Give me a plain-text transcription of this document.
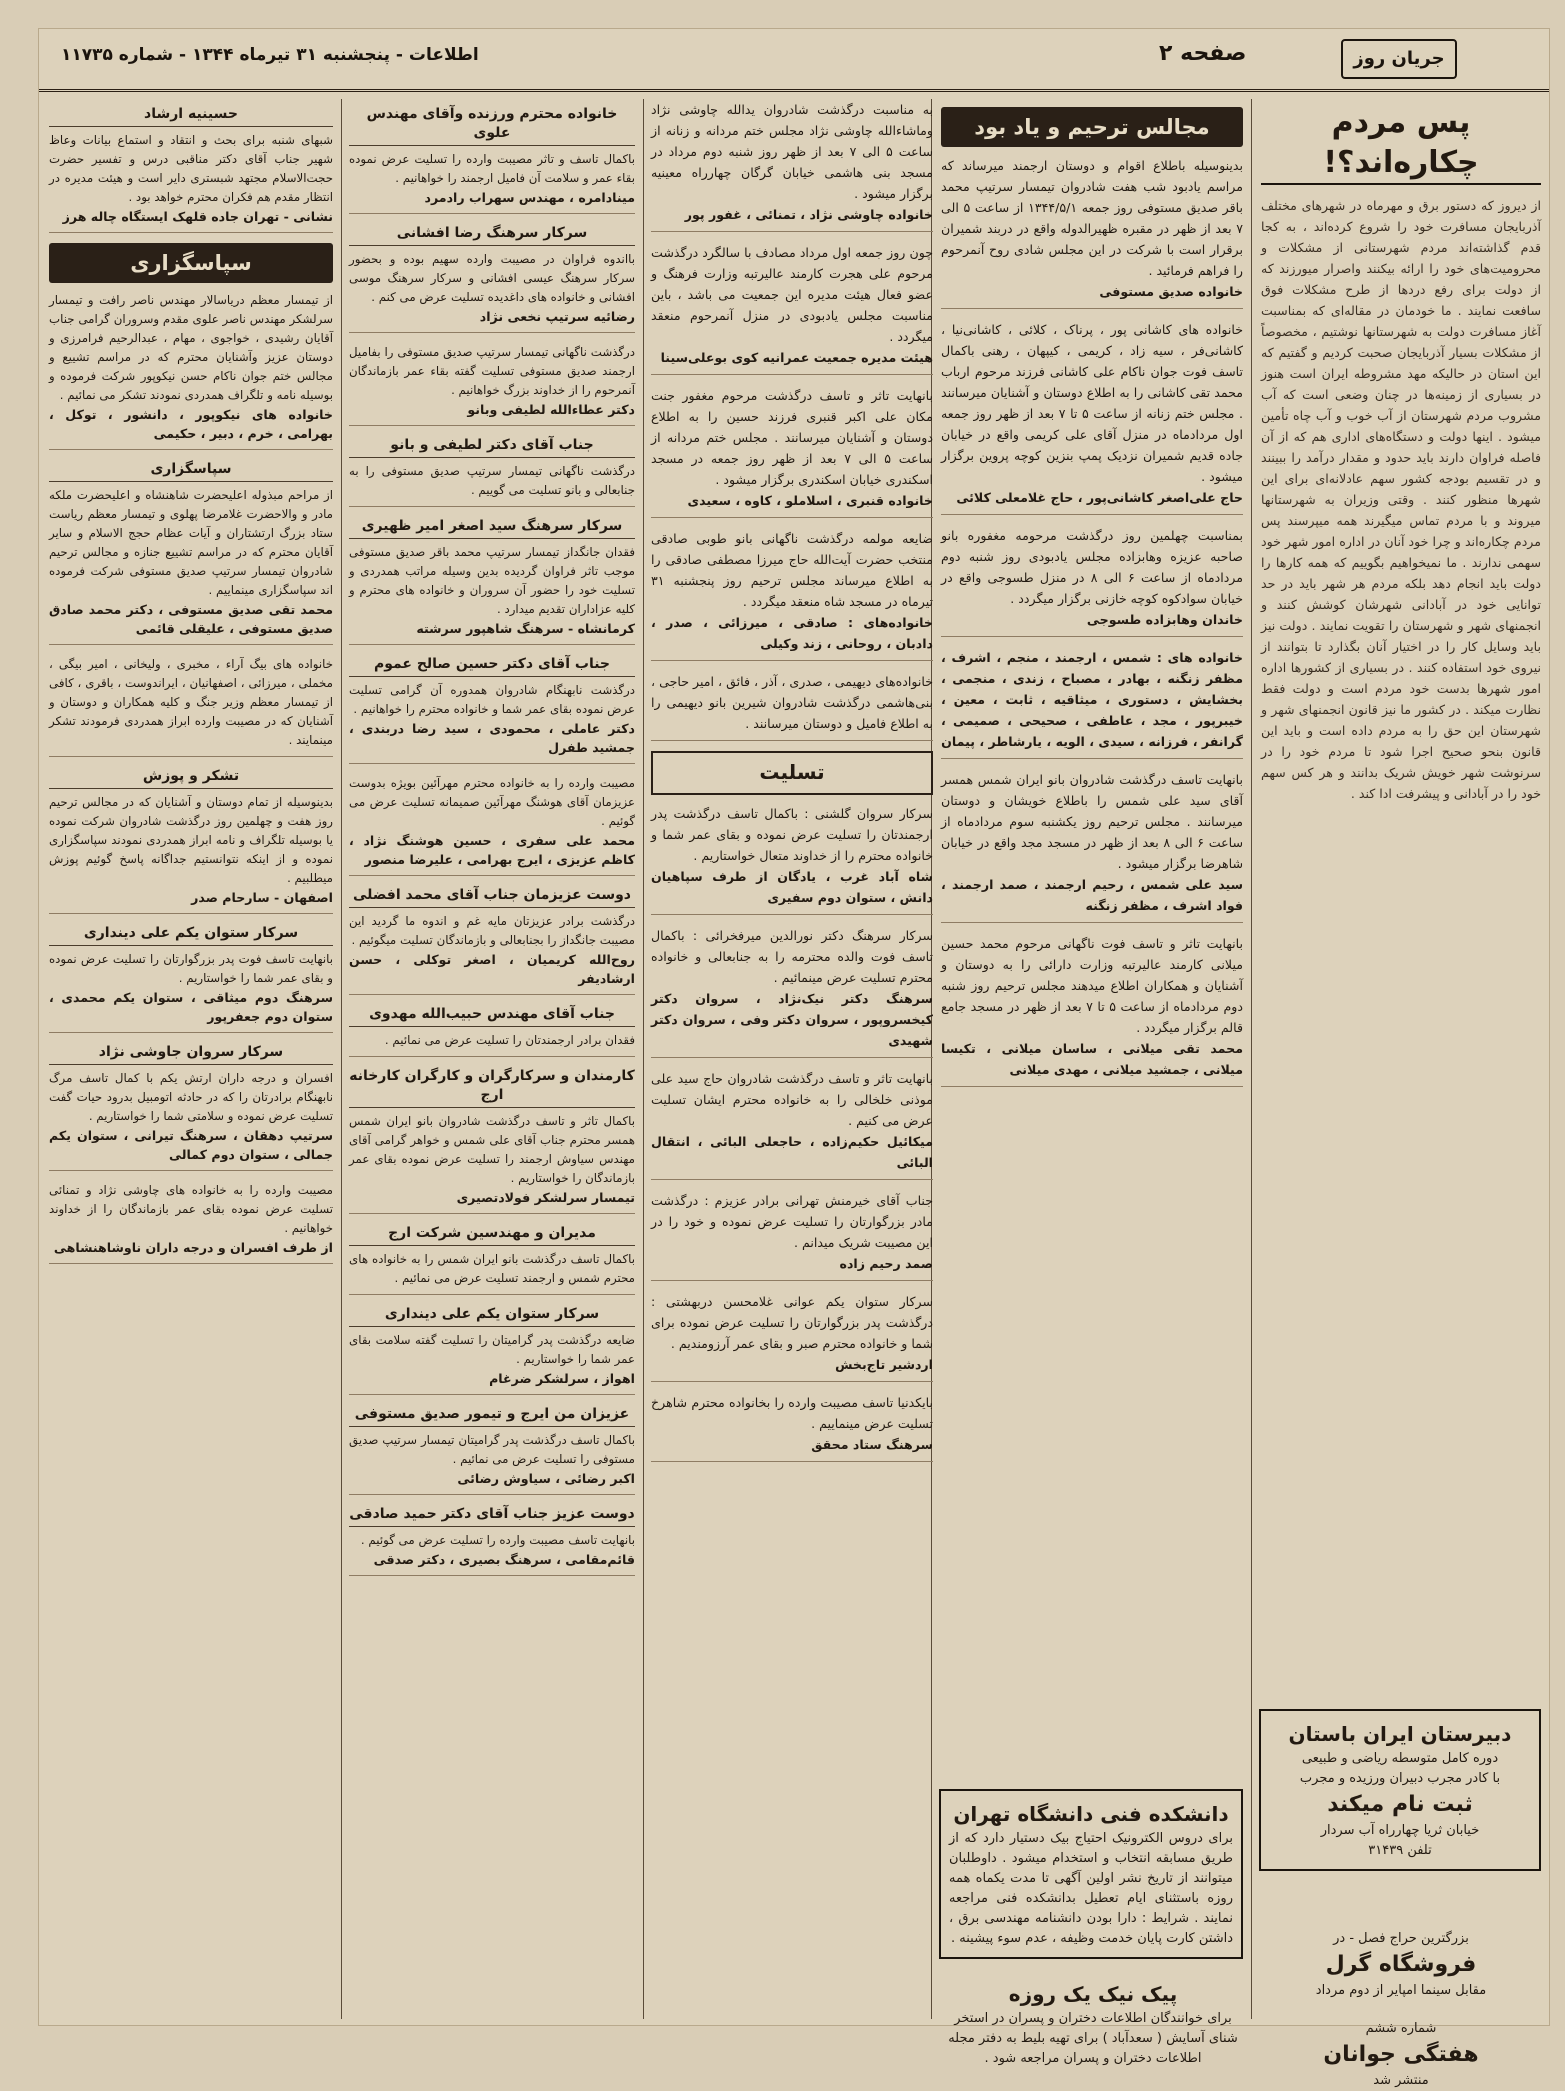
اطلاعات - پنجشنبه ۳۱ تیرماه ۱۳۴۴ - شماره ۱۱۷۳۵	صفحه ۲	جریان روز
پس مردم چکاره‌اند؟!
از دیروز که دستور برق و مهرماه در شهرهای مختلف آذربایجان مسافرت خود را شروع کرده‌اند ، به کجا قدم گذاشته‌اند مردم شهرستانی از مشکلات و محرومیت‌های خود را ارائه بیکنند واصرار میورزند که از دولت برای رفع دردها از طرح مشکلات فوق سافعت نمایند . ما خودمان در مقاله‌ای که بمناسبت آغاز مسافرت دولت به شهرستانها نوشتیم ، مخصوصاً از مشکلات بسیار آذربایجان صحبت کردیم و گفتیم که این استان در حالیکه مهد مشروطه ایران است هنوز در بسیاری از زمینه‌ها در چنان وضعی است که آب مشروب مردم شهرستان از آب خوب و آب چاه تأمین میشود . اینها دولت و دستگاه‌های اداری هم که از آن فاصله فراوان دارند باید حدود و مقدار درآمد را ببینند و در تقسیم بودجه کشور سهم عادلانه‌ای برای این شهرها منظور کنند . وقتی وزیران به شهرستانها میروند و با مردم تماس میگیرند همه میپرسند پس مردم چکاره‌اند و چرا خود آنان در اداره امور شهر خود سهمی ندارند . ما نمیخواهیم بگوییم که همه کارها را دولت باید انجام دهد بلکه مردم هر شهر باید در حد توانایی خود در آبادانی شهرشان کوشش کنند و انجمنهای شهر و شهرستان را تقویت نمایند . دولت نیز باید وسایل کار را در اختیار آنان بگذارد تا بتوانند از نیروی خود استفاده کنند . در بسیاری از کشورها اداره امور شهرها بدست خود مردم است و دولت فقط نظارت میکند . در کشور ما نیز قانون انجمنهای شهر و شهرستان این حق را به مردم داده است و باید این قانون بنحو صحیح اجرا شود تا مردم خود را در سرنوشت شهر خویش شریک بدانند و هر کس سهم خود را در آبادانی و پیشرفت ادا کند .
دبیرستان ایران باستان
دوره کامل متوسطه ریاضی و طبیعی
با کادر مجرب دبیران ورزیده و مجرب
ثبت نام میکند
خیابان ثریا چهارراه آب سردار
تلفن ۳۱۴۳۹
بزرگترین حراج فصل - در
فروشگاه گرل
مقابل سینما امپایر از دوم مرداد
شماره ششم
هفتگی جوانان
منتشر شد
مجالس ترحیم و یاد بود
بدینوسیله باطلاع اقوام و دوستان ارجمند میرساند که مراسم یادبود شب هفت شادروان تیمسار سرتیپ محمد باقر صدیق مستوفی روز جمعه ۱۳۴۴/۵/۱ از ساعت ۵ الی ۷ بعد از ظهر در مقبره ظهیرالدوله واقع در دربند شمیران برقرار است با شرکت در این مجلس شادی روح آنمرحوم را فراهم فرمائید .
خانواده صدیق مستوفی
خانواده های کاشانی پور ، پرناک ، کلائی ، کاشانی‌نیا ، کاشانی‌فر ، سیه زاد ، کریمی ، کیپهان ، رهنی باکمال تاسف فوت جوان ناکام علی کاشانی فرزند مرحوم ارباب محمد تقی کاشانی را به اطلاع دوستان و آشنایان میرسانند . مجلس ختم زنانه از ساعت ۵ تا ۷ بعد از ظهر روز جمعه اول مردادماه در منزل آقای علی کریمی واقع در خیابان جاده قدیم شمیران نزدیک پمپ بنزین کوچه پروین برگزار میشود .
حاج علی‌اصغر کاشانی‌پور ، حاج غلامعلی کلائی
بمناسبت چهلمین روز درگذشت مرحومه مغفوره بانو صاحبه عزیزه وهابزاده مجلس یادبودی روز شنبه دوم مردادماه از ساعت ۶ الی ۸ در منزل طسوجی واقع در خیابان سوادکوه کوچه خازنی برگزار میگردد .
خاندان وهابزاده طسوجی
خانواده های : شمس ، ارجمند ، منجم ، اشرف ، مظفر زنگنه ، بهادر ، مصباح ، زندی ، منجمی ، بخشایش ، دستوری ، میثاقیه ، ثابت ، معین ، خیبرپور ، مجد ، عاطفی ، صحیحی ، صمیمی ، گرانفر ، فرزانه ، سیدی ، الویه ، یارشاطر ، پیمان
بانهایت تاسف درگذشت شادروان بانو ایران شمس همسر آقای سید علی شمس را باطلاع خویشان و دوستان میرسانند . مجلس ترحیم روز یکشنبه سوم مردادماه از ساعت ۶ الی ۸ بعد از ظهر در مسجد مجد واقع در خیابان شاهرضا برگزار میشود .
سید علی شمس ، رحیم ارجمند ، صمد ارجمند ، فواد اشرف ، مظفر زنگنه
بانهایت تاثر و تاسف فوت ناگهانی مرحوم محمد حسین میلانی کارمند عالیرتبه وزارت دارائی را به دوستان و آشنایان و همکاران اطلاع میدهند مجلس ترحیم روز شنبه دوم مردادماه از ساعت ۵ تا ۷ بعد از ظهر در مسجد جامع قالم برگزار میگردد .
محمد تقی میلانی ، ساسان میلانی ، تکیسا میلانی ، جمشید میلانی ، مهدی میلانی
دانشکده فنی دانشگاه تهران
برای دروس الکترونیک احتیاج بیک دستیار دارد که از طریق مسابقه انتخاب و استخدام میشود . داوطلبان میتوانند از تاریخ نشر اولین آگهی تا مدت یکماه همه روزه باستثنای ایام تعطیل بدانشکده فنی مراجعه نمایند . شرایط : دارا بودن دانشنامه مهندسی برق ، داشتن کارت پایان خدمت وظیفه ، عدم سوء پیشینه .
پیک نیک یک روزه
برای خوانندگان اطلاعات دختران و پسران در استخر شنای آسایش ( سعدآباد ) برای تهیه بلیط به دفتر مجله اطلاعات دختران و پسران مراجعه شود .
به مناسبت درگذشت شادروان یدالله چاوشی نژاد وماشاءالله چاوشی نژاد مجلس ختم مردانه و زنانه از ساعت ۵ الی ۷ بعد از ظهر روز شنبه دوم مرداد در مسجد بنی هاشمی خیابان گرگان چهارراه معینیه برگزار میشود .
خانواده چاوشی نژاد ، تمنائی ، غفور پور
چون روز جمعه اول مرداد مصادف با سالگرد درگذشت مرحوم علی هجرت کارمند عالیرتبه وزارت فرهنگ و عضو فعال هیئت مدیره این جمعیت می باشد ، باین مناسبت مجلس یادبودی در منزل آنمرحوم منعقد میگردد .
هیئت مدیره جمعیت عمرانیه کوی بوعلی‌سینا
بانهایت تاثر و تاسف درگذشت مرحوم مغفور جنت مکان علی اکبر قنبری فرزند حسین را به اطلاع دوستان و آشنایان میرسانند . مجلس ختم مردانه از ساعت ۵ الی ۷ بعد از ظهر روز جمعه در مسجد اسکندری خیابان اسکندری برگزار میشود .
خانواده قنبری ، اسلاملو ، کاوه ، سعیدی
ضایعه مولمه درگذشت ناگهانی بانو طوبی صادقی منتخب حضرت آیت‌الله حاج میرزا مصطفی صادقی را به اطلاع میرساند مجلس ترحیم روز پنجشنبه ۳۱ تیرماه در مسجد شاه منعقد میگردد .
خانواده‌های : صادقی ، میرزائی ، صدر ، دادبان ، روحانی ، زند وکیلی
خانواده‌های دیهیمی ، صدری ، آذر ، فائق ، امیر حاجی ، بنی‌هاشمی درگذشت شادروان شیرین بانو دیهیمی را به اطلاع فامیل و دوستان میرسانند .
تسلیت
سرکار سروان گلشنی : باکمال تاسف درگذشت پدر ارجمندتان را تسلیت عرض نموده و بقای عمر شما و خانواده محترم را از خداوند متعال خواستاریم .
شاه آباد غرب ، یادگان از طرف سپاهیان دانش ، ستوان دوم سفیری
سرکار سرهنگ دکتر نورالدین میرفخرائی : باکمال تاسف فوت والده محترمه را به جنابعالی و خانواده محترم تسلیت عرض مینمائیم .
سرهنگ دکتر نیک‌نژاد ، سروان دکتر کیخسروپور ، سروان دکتر وفی ، سروان دکتر شهیدی
بانهایت تاثر و تاسف درگذشت شادروان حاج سید علی موذنی خلخالی را به خانواده محترم ایشان تسلیت عرض می کنیم .
میکائیل حکیم‌زاده ، حاجعلی البائی ، انتقال البائی
جناب آقای خیرمنش تهرانی برادر عزیزم : درگذشت مادر بزرگوارتان را تسلیت عرض نموده و خود را در این مصیبت شریک میدانم .
صمد رحیم زاده
سرکار ستوان یکم عوانی غلامحسن دربهشتی : درگذشت پدر بزرگوارتان را تسلیت عرض نموده برای شما و خانواده محترم صبر و بقای عمر آرزومندیم .
اردشیر تاج‌بخش
بایکدنیا تاسف مصیبت وارده را بخانواده محترم شاهرخ تسلیت عرض مینماییم .
سرهنگ ستاد محقق
خانواده محترم ورزنده وآقای مهندس علوی
باکمال تاسف و تاثر مصیبت وارده را تسلیت عرض نموده بقاء عمر و سلامت آن فامیل ارجمند را خواهانیم .
مینادامره ، مهندس سهراب رادمرد
سرکار سرهنگ رضا افشانی
بااندوه فراوان در مصیبت وارده سهیم بوده و بحضور سرکار سرهنگ عیسی افشانی و سرکار سرهنگ موسی افشانی و خانواده های داغدیده تسلیت عرض می کنم .
رضائیه سرتیپ نخعی نژاد
درگذشت ناگهانی تیمسار سرتیپ صدیق مستوفی را بفامیل ارجمند صدیق مستوفی تسلیت گفته بقاء عمر بازماندگان آنمرحوم را از خداوند بزرگ خواهانیم .
دکتر عطاءالله لطیفی وبانو
جناب آقای دکتر لطیفی و بانو
درگذشت ناگهانی تیمسار سرتیپ صدیق مستوفی را به جنابعالی و بانو تسلیت می گوییم .
سرکار سرهنگ سید اصغر امیر ظهیری
فقدان جانگداز تیمسار سرتیپ محمد باقر صدیق مستوفی موجب تاثر فراوان گردیده بدین وسیله مراتب همدردی و تسلیت خود را حضور آن سروران و خانواده های محترم و کلیه عزاداران تقدیم میدارد .
کرمانشاه - سرهنگ شاهپور سرشته
جناب آقای دکتر حسین صالح عموم
درگذشت نابهنگام شادروان همدوره آن گرامی تسلیت عرض نموده بقای عمر شما و خانواده محترم را خواهانیم .
دکتر عاملی ، محمودی ، سید رضا دربندی ، جمشید طفرل
مصیبت وارده را به خانواده محترم مهرآئین بویژه بدوست عزیزمان آقای هوشنگ مهرآئین صمیمانه تسلیت عرض می گوئیم .
محمد علی سفری ، حسین هوشنگ نژاد ، کاظم عزیزی ، ایرج بهرامی ، علیرضا منصور
دوست عزیزمان جناب آقای محمد افضلی
درگذشت برادر عزیزتان مایه غم و اندوه ما گردید این مصیبت جانگداز را بجنابعالی و بازماندگان تسلیت میگوئیم .
روح‌الله کریمیان ، اصغر توکلی ، حسن ارشادیفر
جناب آقای مهندس حبیب‌الله مهدوی
فقدان برادر ارجمندتان را تسلیت عرض می نمائیم .
کارمندان و سرکارگران و کارگران کارخانه ارج
باکمال تاثر و تاسف درگذشت شادروان بانو ایران شمس همسر محترم جناب آقای علی شمس و خواهر گرامی آقای مهندس سیاوش ارجمند را تسلیت عرض نموده بقای عمر بازماندگان را خواستاریم .
تیمسار سرلشکر فولادتصیری
مدیران و مهندسین شرکت ارج
باکمال تاسف درگذشت بانو ایران شمس را به خانواده های محترم شمس و ارجمند تسلیت عرض می نمائیم .
سرکار ستوان یکم علی دینداری
ضایعه درگذشت پدر گرامیتان را تسلیت گفته سلامت بقای عمر شما را خواستاریم .
اهواز ، سرلشکر ضرغام
عزیزان من ایرج و تیمور صدیق مستوفی
باکمال تاسف درگذشت پدر گرامیتان تیمسار سرتیپ صدیق مستوفی را تسلیت عرض می نمائیم .
اکبر رضائی ، سیاوش رضائی
دوست عزیز جناب آقای دکتر حمید صادقی
بانهایت تاسف مصیبت وارده را تسلیت عرض می گوئیم .
قائم‌مقامی ، سرهنگ بصیری ، دکتر صدقی
حسینیه ارشاد
شبهای شنبه برای بحث و انتقاد و استماع بیانات وعاظ شهیر جناب آقای دکتر مناقبی درس و تفسیر حضرت حجت‌الاسلام مجتهد شبستری دایر است و هیئت مدیره در انتظار مقدم هم فکران محترم خواهد بود .
نشانی - تهران جاده قلهک ایستگاه چاله هرز
سپاسگزاری
از تیمسار معظم دریاسالار مهندس ناصر رافت و تیمسار سرلشکر مهندس ناصر علوی مقدم وسروران گرامی جناب آقایان رشیدی ، خواجوی ، مهام ، عبدالرحیم فرامرزی و دوستان عزیز وآشنایان محترم که در مراسم تشییع و مجالس ختم جوان ناکام حسن نیکوپور شرکت فرموده و بوسیله نامه و تلگراف همدردی نمودند تشکر می نمائیم .
خانواده های نیکوپور ، دانشور ، توکل ، بهرامی ، خرم ، دبیر ، حکیمی
سپاسگزاری
از مراحم مبذوله اعلیحضرت شاهنشاه و اعلیحضرت ملکه مادر و والاحضرت غلامرضا پهلوی و تیمسار معظم ریاست ستاد بزرگ ارتشتاران و آیات عظام حجج الاسلام و سایر آقایان محترم که در مراسم تشییع جنازه و مجالس ترحیم شادروان تیمسار سرتیپ صدیق مستوفی شرکت فرموده اند سپاسگزاری مینماییم .
محمد تقی صدیق مستوفی ، دکتر محمد صادق صدیق مستوفی ، علیقلی قائمی
خانواده های بیگ آراء ، مخبری ، ولیخانی ، امیر بیگی ، مخملی ، میرزائی ، اصفهانیان ، ایراندوست ، باقری ، کافی از تیمسار معظم وزیر جنگ و کلیه همکاران و دوستان و آشنایان که در مصیبت وارده ابراز همدردی فرمودند تشکر مینمایند .
تشکر و پوزش
بدینوسیله از تمام دوستان و آشنایان که در مجالس ترحیم روز هفت و چهلمین روز درگذشت شادروان شرکت نموده یا بوسیله تلگراف و نامه ابراز همدردی نمودند سپاسگزاری نموده و از اینکه نتوانستیم جداگانه پاسخ گوئیم پوزش میطلبیم .
اصفهان - سارحام صدر
سرکار ستوان یکم علی دینداری
بانهایت تاسف فوت پدر بزرگوارتان را تسلیت عرض نموده و بقای عمر شما را خواستاریم .
سرهنگ دوم میثاقی ، ستوان یکم محمدی ، ستوان دوم جعفرپور
سرکار سروان جاوشی نژاد
افسران و درجه داران ارتش یکم با کمال تاسف مرگ نابهنگام برادرتان را که در حادثه اتومبیل بدرود حیات گفت تسلیت عرض نموده و سلامتی شما را خواستاریم .
سرتیپ دهقان ، سرهنگ تیرانی ، ستوان یکم جمالی ، ستوان دوم کمالی
مصیبت وارده را به خانواده های چاوشی نژاد و تمنائی تسلیت عرض نموده بقای عمر بازماندگان را از خداوند خواهانیم .
از طرف افسران و درجه داران ناوشاهنشاهی
